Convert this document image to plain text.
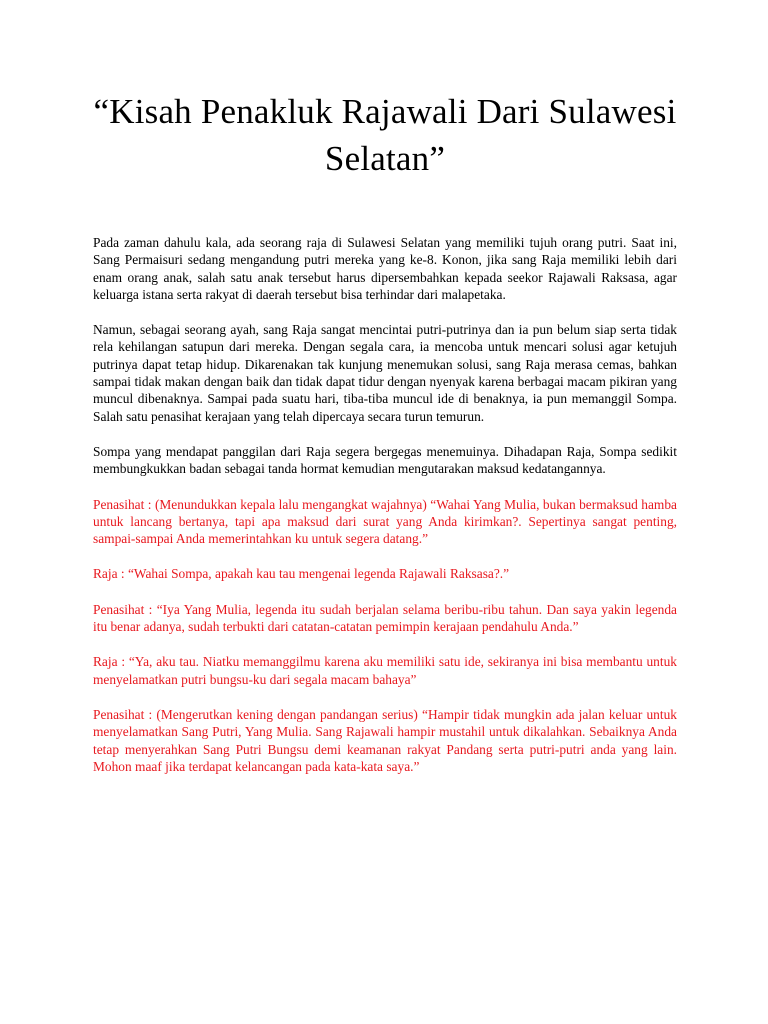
“Kisah Penakluk Rajawali Dari Sulawesi Selatan”

Pada zaman dahulu kala, ada seorang raja di Sulawesi Selatan yang memiliki tujuh orang putri. Saat ini, Sang Permaisuri sedang mengandung putri mereka yang ke-8. Konon, jika sang Raja memiliki lebih dari enam orang anak, salah satu anak tersebut harus dipersembahkan kepada seekor Rajawali Raksasa, agar keluarga istana serta rakyat di daerah tersebut bisa terhindar dari malapetaka.

Namun, sebagai seorang ayah, sang Raja sangat mencintai putri-putrinya dan ia pun belum siap serta tidak rela kehilangan satupun dari mereka. Dengan segala cara, ia mencoba untuk mencari solusi agar ketujuh putrinya dapat tetap hidup. Dikarenakan tak kunjung menemukan solusi, sang Raja merasa cemas, bahkan sampai tidak makan dengan baik dan tidak dapat tidur dengan nyenyak karena berbagai macam pikiran yang muncul dibenaknya. Sampai pada suatu hari, tiba-tiba muncul ide di benaknya, ia pun memanggil Sompa. Salah satu penasihat kerajaan yang telah dipercaya secara turun temurun.

Sompa yang mendapat panggilan dari Raja segera bergegas menemuinya. Dihadapan Raja, Sompa sedikit membungkukkan badan sebagai tanda hormat kemudian mengutarakan maksud kedatangannya.

Penasihat : (Menundukkan kepala lalu mengangkat wajahnya) “Wahai Yang Mulia, bukan bermaksud hamba untuk lancang bertanya, tapi apa maksud dari surat yang Anda kirimkan?. Sepertinya sangat penting, sampai-sampai Anda memerintahkan ku untuk segera datang.”

Raja : “Wahai Sompa, apakah kau tau mengenai legenda Rajawali Raksasa?.”

Penasihat : “Iya Yang Mulia, legenda itu sudah berjalan selama beribu-ribu tahun. Dan saya yakin legenda itu benar adanya, sudah terbukti dari catatan-catatan pemimpin kerajaan pendahulu Anda.”

Raja : “Ya, aku tau. Niatku memanggilmu karena aku memiliki satu ide, sekiranya ini bisa membantu untuk menyelamatkan putri bungsu-ku dari segala macam bahaya”

Penasihat : (Mengerutkan kening dengan pandangan serius) “Hampir tidak mungkin ada jalan keluar untuk menyelamatkan Sang Putri, Yang Mulia. Sang Rajawali hampir mustahil untuk dikalahkan. Sebaiknya Anda tetap menyerahkan Sang Putri Bungsu demi keamanan rakyat Pandang serta putri-putri anda yang lain. Mohon maaf jika terdapat kelancangan pada kata-kata saya.”
